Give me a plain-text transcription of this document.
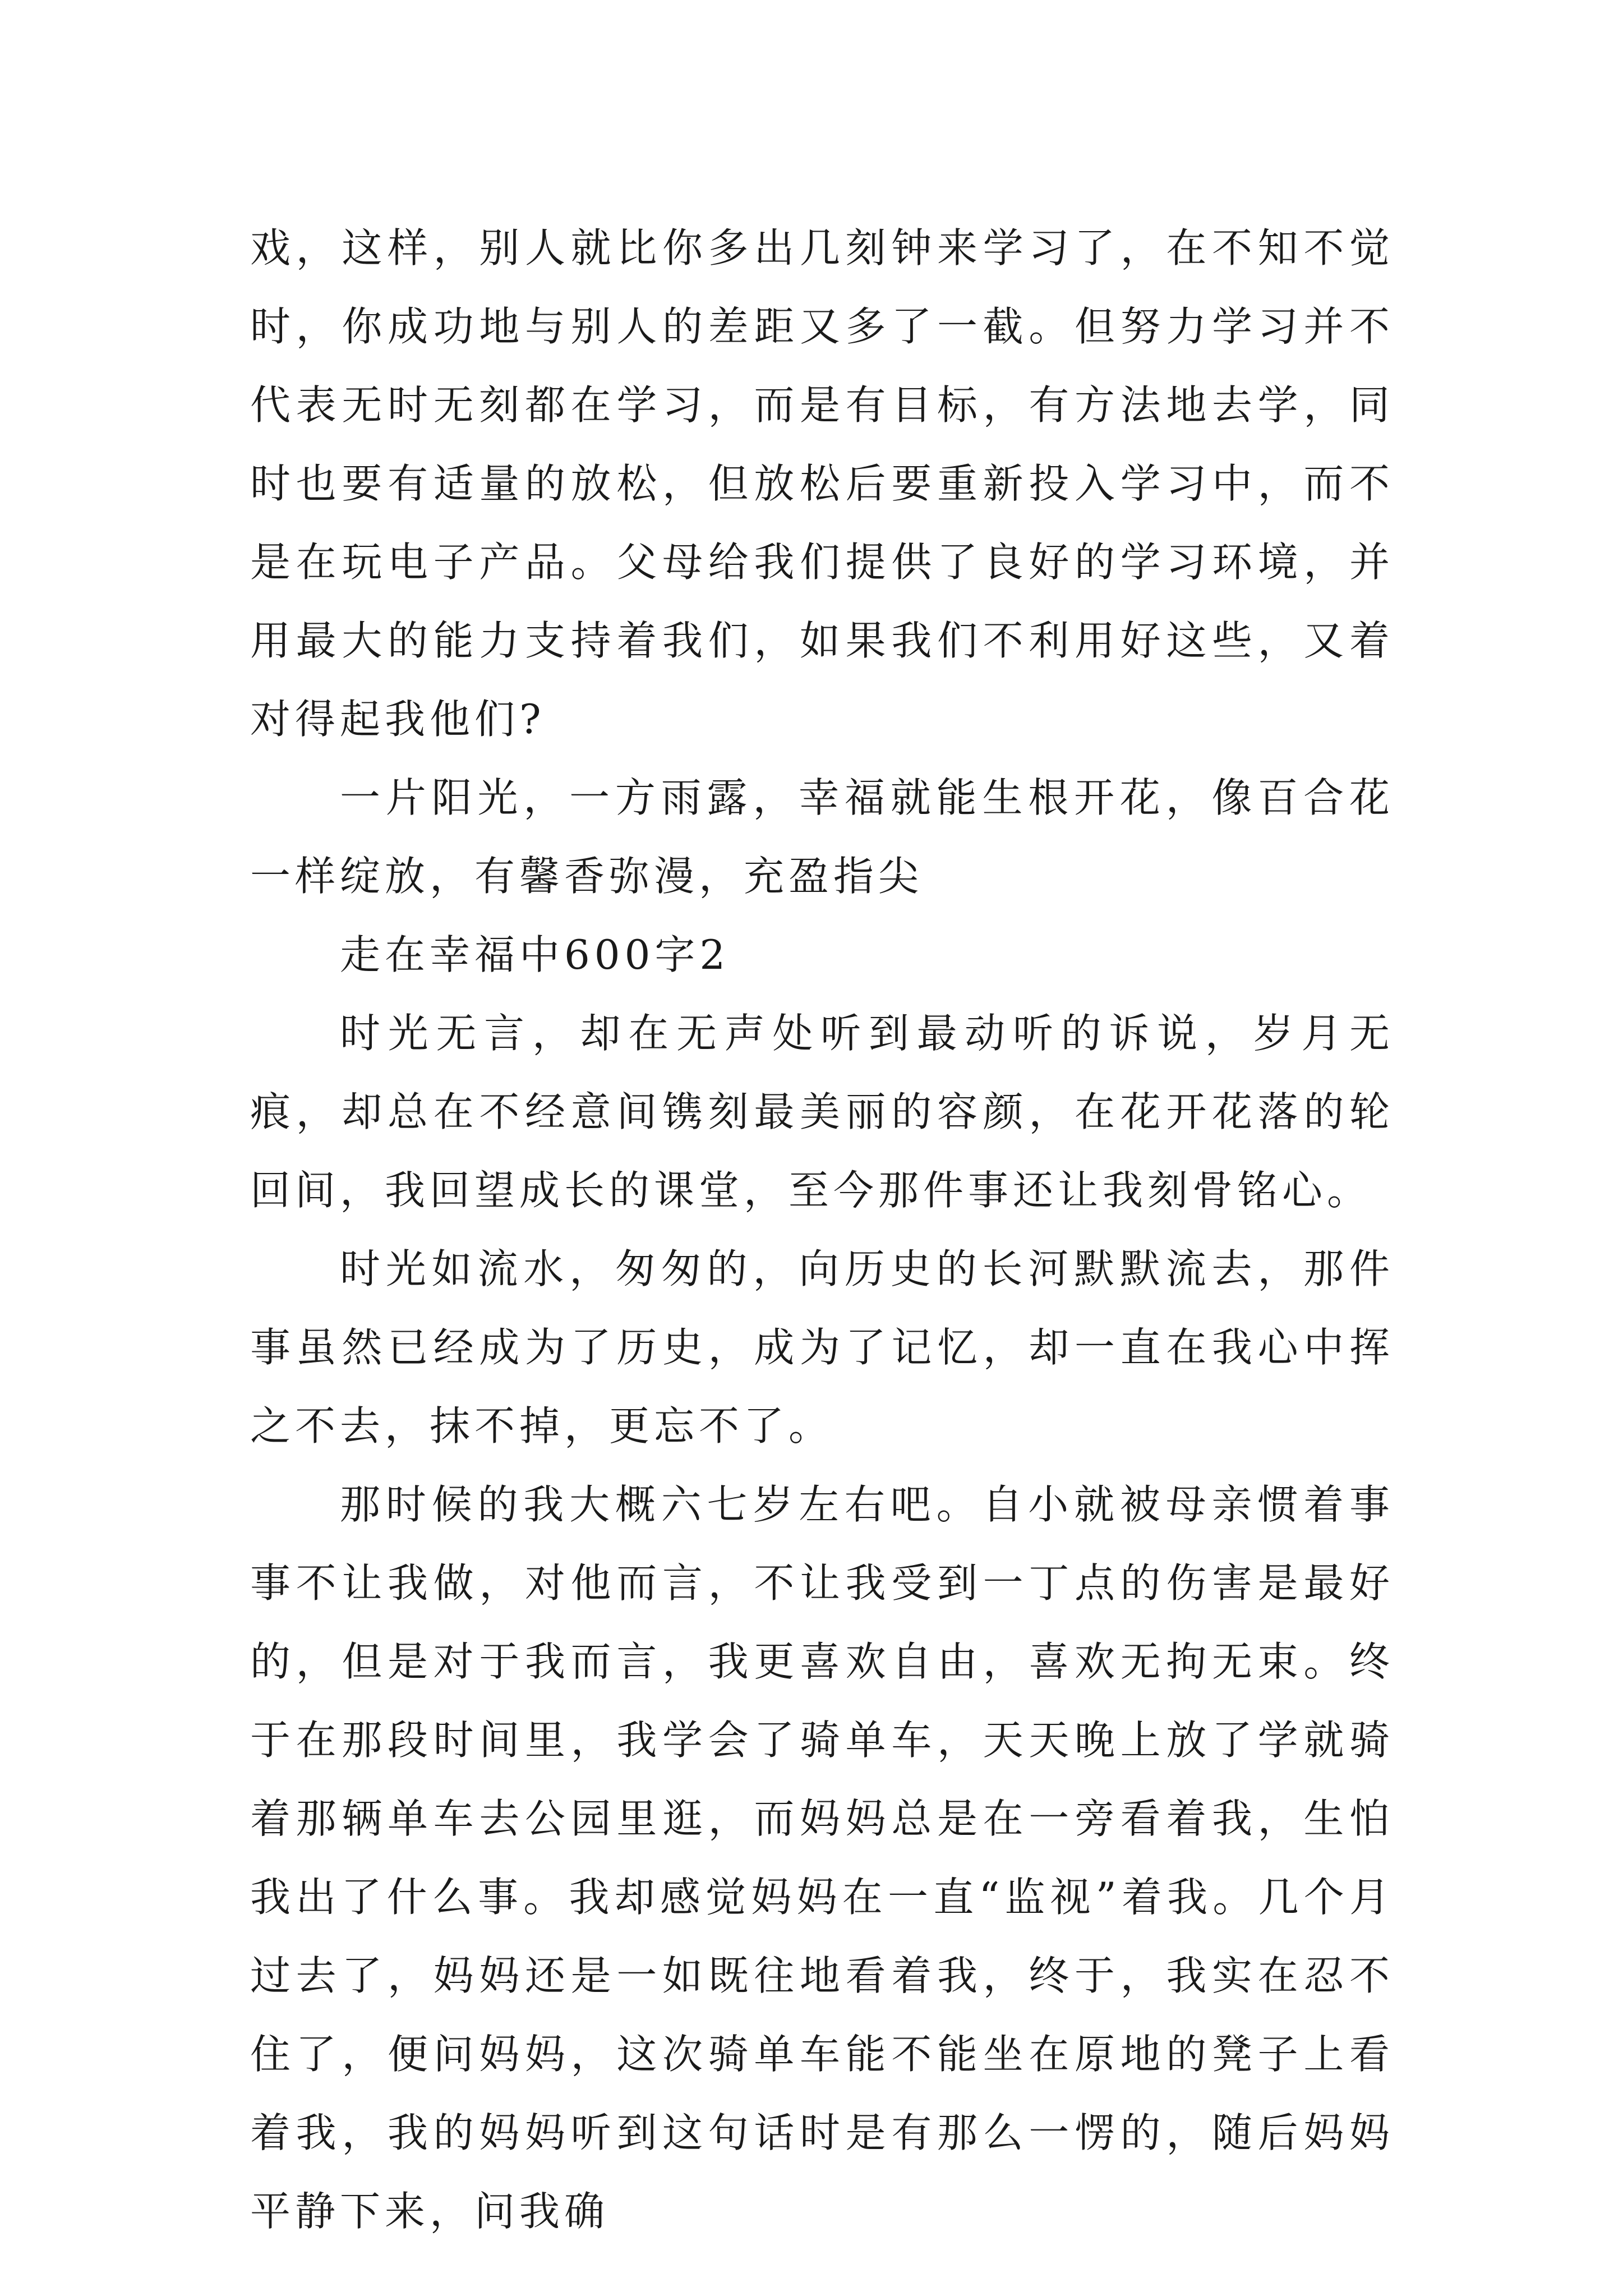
戏，这样，别人就比你多出几刻钟来学习了，在不知不觉时，你成功地与别人的差距又多了一截。但努力学习并不代表无时无刻都在学习，而是有目标，有方法地去学，同时也要有适量的放松，但放松后要重新投入学习中，而不是在玩电子产品。父母给我们提供了良好的学习环境，并用最大的能力支持着我们，如果我们不利用好这些，又着对得起我他们?

一片阳光，一方雨露，幸福就能生根开花，像百合花一样绽放，有馨香弥漫，充盈指尖

走在幸福中600字2

时光无言，却在无声处听到最动听的诉说，岁月无痕，却总在不经意间镌刻最美丽的容颜，在花开花落的轮回间，我回望成长的课堂，至今那件事还让我刻骨铭心。

时光如流水，匆匆的，向历史的长河默默流去，那件事虽然已经成为了历史，成为了记忆，却一直在我心中挥之不去，抹不掉，更忘不了。

那时候的我大概六七岁左右吧。自小就被母亲惯着事事不让我做，对他而言，不让我受到一丁点的伤害是最好的，但是对于我而言，我更喜欢自由，喜欢无拘无束。终于在那段时间里，我学会了骑单车，天天晚上放了学就骑着那辆单车去公园里逛，而妈妈总是在一旁看着我，生怕我出了什么事。我却感觉妈妈在一直“监视”着我。几个月过去了，妈妈还是一如既往地看着我，终于，我实在忍不住了，便问妈妈，这次骑单车能不能坐在原地的凳子上看着我，我的妈妈听到这句话时是有那么一愣的，随后妈妈平静下来，问我确
